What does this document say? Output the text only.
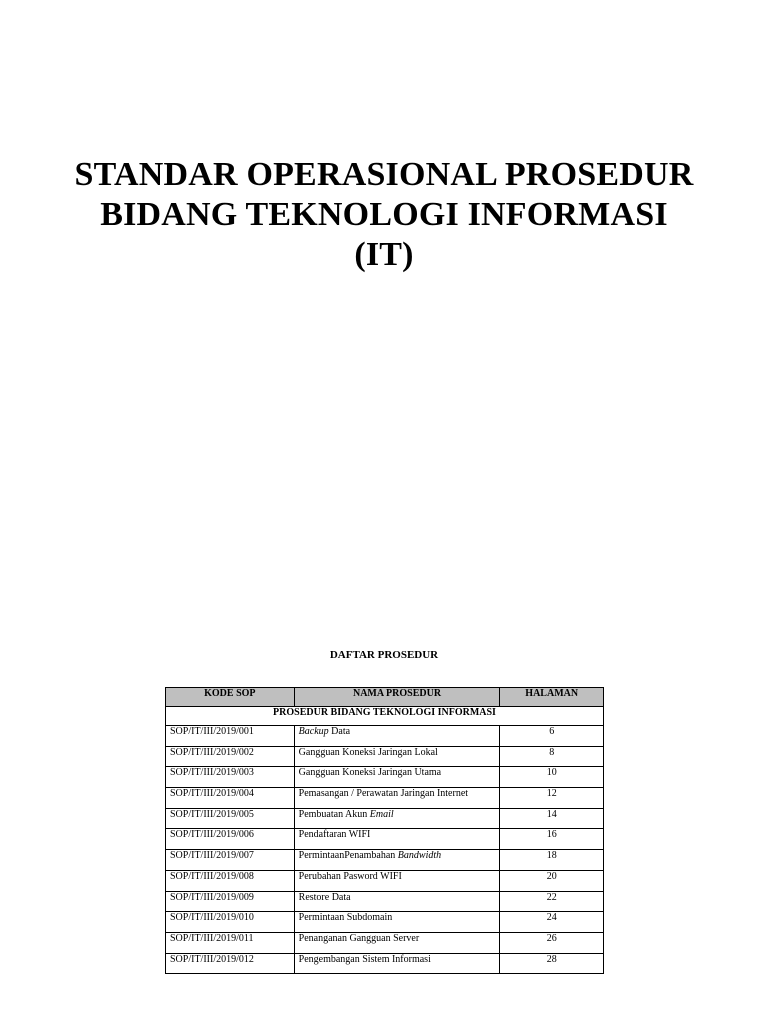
STANDAR OPERASIONAL PROSEDUR
BIDANG TEKNOLOGI INFORMASI
(IT)
DAFTAR PROSEDUR
KODE SOP	NAMA PROSEDUR	HALAMAN
PROSEDUR BIDANG TEKNOLOGI INFORMASI		
SOP/IT/III/2019/001	Backup Data	6
SOP/IT/III/2019/002	Gangguan Koneksi Jaringan Lokal	8
SOP/IT/III/2019/003	Gangguan Koneksi Jaringan Utama	10
SOP/IT/III/2019/004	Pemasangan / Perawatan Jaringan Internet	12
SOP/IT/III/2019/005	Pembuatan Akun Email	14
SOP/IT/III/2019/006	Pendaftaran WIFI	16
SOP/IT/III/2019/007	PermintaanPenambahan Bandwidth	18
SOP/IT/III/2019/008	Perubahan Pasword WIFI	20
SOP/IT/III/2019/009	Restore Data	22
SOP/IT/III/2019/010	Permintaan Subdomain	24
SOP/IT/III/2019/011	Penanganan Gangguan Server	26
SOP/IT/III/2019/012	Pengembangan Sistem Informasi	28
